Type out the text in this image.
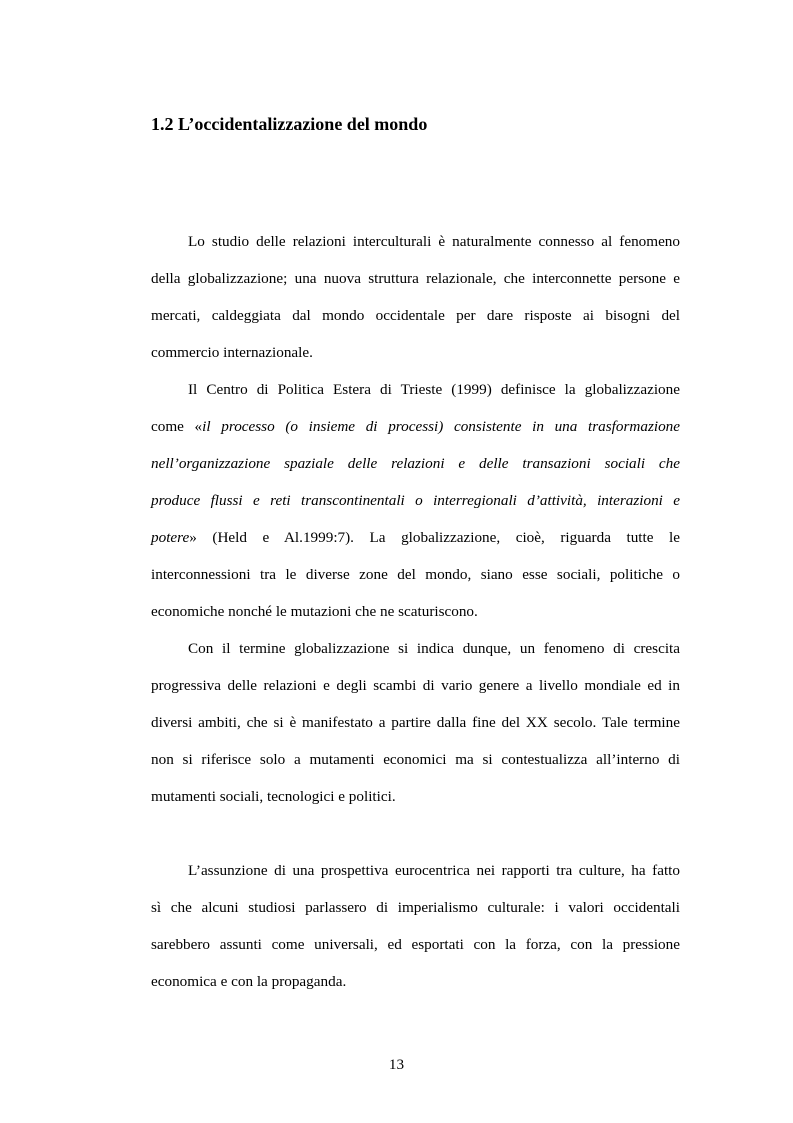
1.2 L’occidentalizzazione del mondo
Lo studio delle relazioni interculturali è naturalmente connesso al fenomeno
della globalizzazione; una nuova struttura relazionale, che interconnette persone e
mercati, caldeggiata dal mondo occidentale per dare risposte ai bisogni del
commercio internazionale.
Il Centro di Politica Estera di Trieste (1999) definisce la globalizzazione
come «il processo (o insieme di processi) consistente in una trasformazione
nell’organizzazione spaziale delle relazioni e delle transazioni sociali che
produce flussi e reti transcontinentali o interregionali d’attività, interazioni e
potere» (Held e Al.1999:7). La globalizzazione, cioè, riguarda tutte le
interconnessioni tra le diverse zone del mondo, siano esse sociali, politiche o
economiche nonché le mutazioni che ne scaturiscono.
Con il termine globalizzazione si indica dunque, un fenomeno di crescita
progressiva delle relazioni e degli scambi di vario genere a livello mondiale ed in
diversi ambiti, che si è manifestato a partire dalla fine del XX secolo. Tale termine
non si riferisce solo a mutamenti economici ma si contestualizza all’interno di
mutamenti sociali, tecnologici e politici.
L’assunzione di una prospettiva eurocentrica nei rapporti tra culture, ha fatto
sì che alcuni studiosi parlassero di imperialismo culturale: i valori occidentali
sarebbero assunti come universali, ed esportati con la forza, con la pressione
economica e con la propaganda.
13
